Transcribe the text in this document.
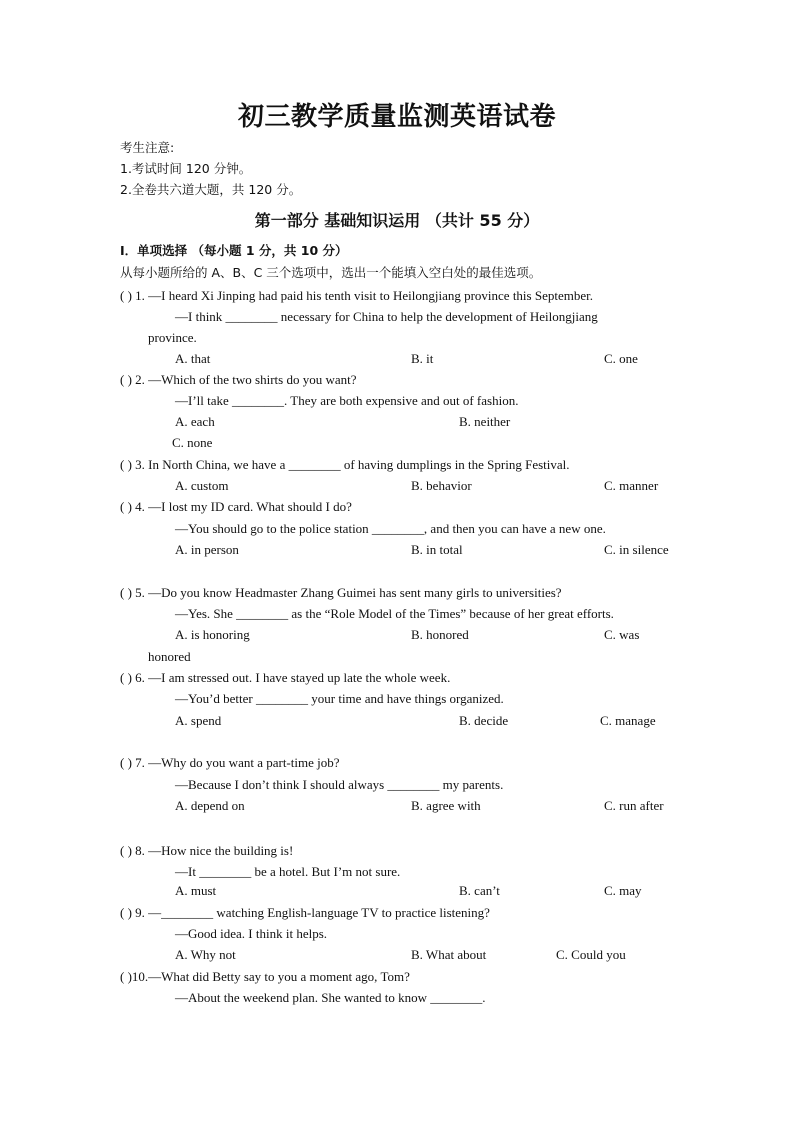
初三教学质量监测英语试卷
考生注意:
1.考试时间 120 分钟。
2.全卷共六道大题，共 120 分。
第一部分 基础知识运用 （共计 55 分）
I．单项选择 （每小题 1 分，共 10 分）
从每小题所给的 A、B、C 三个选项中，选出一个能填入空白处的最佳选项。
( ) 1. —I heard Xi Jinping had paid his tenth visit to Heilongjiang province this September.
—I think ________ necessary for China to help the development of Heilongjiang
province.
A. that	B. it	C. one
( ) 2. —Which of the two shirts do you want?
—I’ll take ________. They are both expensive and out of fashion.
A. each	B. neither
C. none
( ) 3. In North China, we have a ________ of having dumplings in the Spring Festival.
A. custom	B. behavior	C. manner
( ) 4. —I lost my ID card. What should I do?
—You should go to the police station ________, and then you can have a new one.
A. in person	B. in total	C. in silence
( ) 5. —Do you know Headmaster Zhang Guimei has sent many girls to universities?
—Yes. She ________ as the “Role Model of the Times” because of her great efforts.
A. is honoring	B. honored	C. was
honored
( ) 6. —I am stressed out. I have stayed up late the whole week.
—You’d better ________ your time and have things organized.
A. spend	B. decide	C. manage
( ) 7. —Why do you want a part-time job?
—Because I don’t think I should always ________ my parents.
A. depend on	B. agree with	C. run after
( ) 8. —How nice the building is!
—It ________ be a hotel. But I’m not sure.
A. must	B. can’t	C. may
( ) 9. —________ watching English-language TV to practice listening?
—Good idea. I think it helps.
A. Why not	B. What about	C. Could you
( )10.—What did Betty say to you a moment ago, Tom?
—About the weekend plan. She wanted to know ________.
